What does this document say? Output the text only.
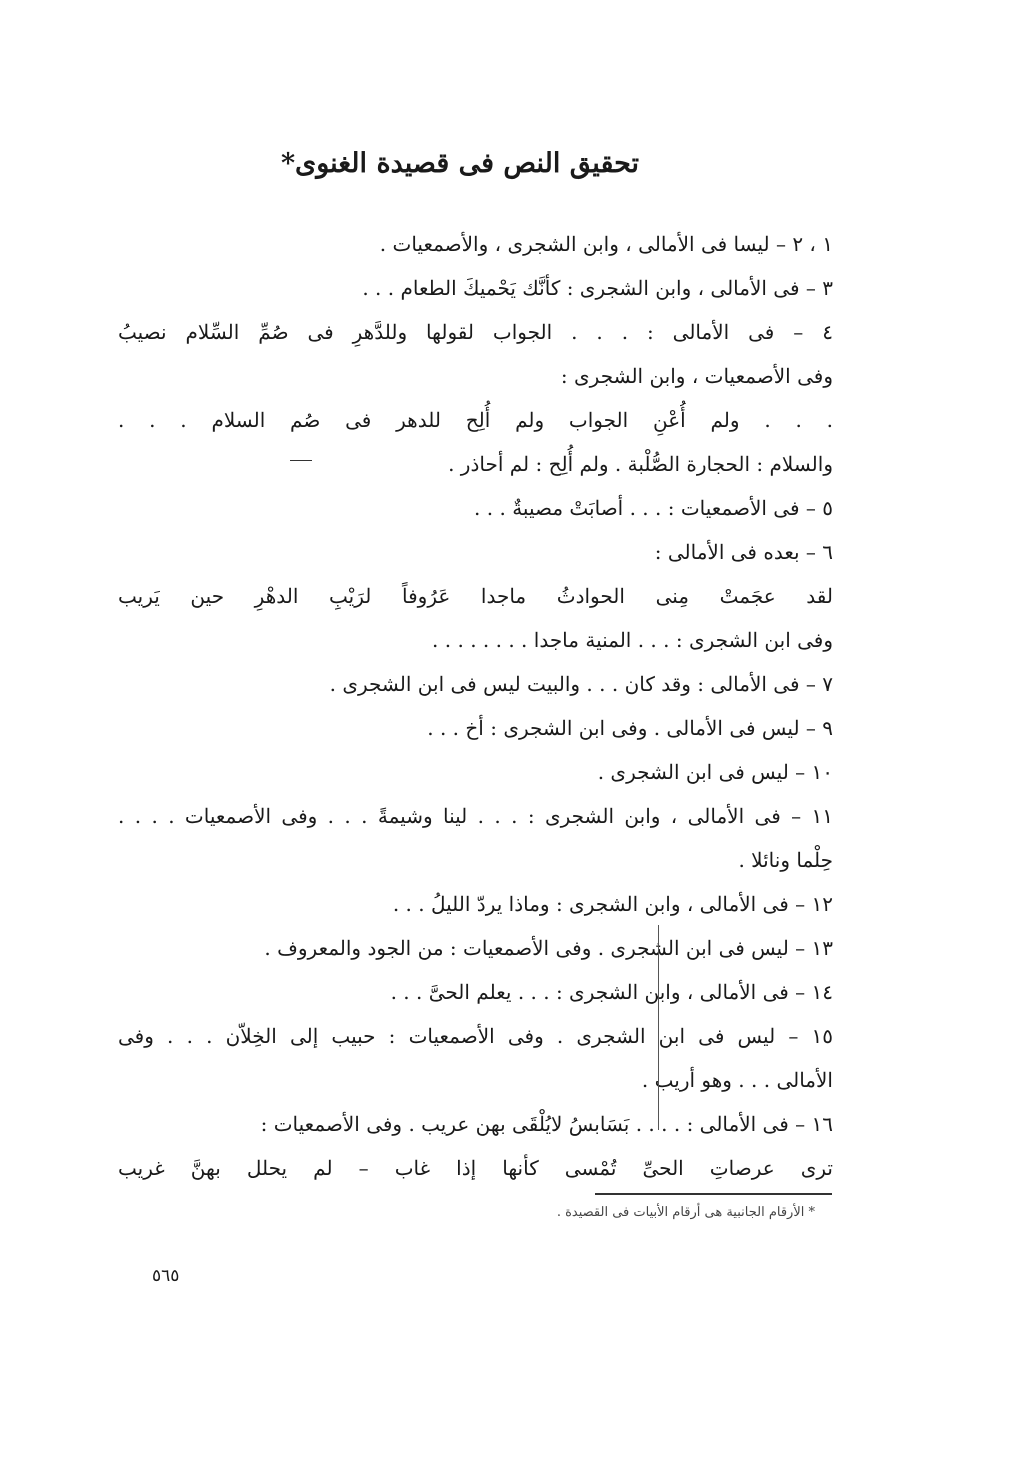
تحقيق النص فى قصيدة الغنوى*
١ ، ٢ – ليسا فى الأمالى ، وابن الشجرى ، والأصمعيات .
٣ – فى الأمالى ، وابن الشجرى : كأنَّك يَحْميكَ الطعام . . .
٤ – فى الأمالى : . . . الجواب لقولها وللدَّهرِ فى صُمِّ السِّلام نصيبُ
وفى الأصمعيات ، وابن الشجرى :
. . . ولم أُعْنِ الجواب ولم أُلِح للدهر فى صُم السلام . . .
والسلام : الحجارة الصُّلْبة . ولم أُلِح : لم أحاذر .
٥ – فى الأصمعيات : . . . أصابَتْ مصيبةٌ . . .
٦ – بعده فى الأمالى :
لقد عجَمتْ مِنى الحوادثُ ماجدا عَرُوفاً لرَيْبِ الدهْرِ حين يَريب
وفى ابن الشجرى : . . . المنية ماجدا . . . . . . . .
٧ – فى الأمالى : وقد كان . . . والبيت ليس فى ابن الشجرى .
٩ – ليس فى الأمالى . وفى ابن الشجرى : أخ . . .
١٠ – ليس فى ابن الشجرى .
١١ – فى الأمالى ، وابن الشجرى : . . . لينا وشيمةً . . . وفى الأصمعيات . . . .
حِلْما ونائلا .
١٢ – فى الأمالى ، وابن الشجرى : وماذا يردّ الليلُ . . .
١٣ – ليس فى ابن الشجرى . وفى الأصمعيات : من الجود والمعروف .
١٤ – فى الأمالى ، وابن الشجرى : . . . يعلم الحىَّ . . .
١٥ – ليس فى ابن الشجرى . وفى الأصمعيات : حبيب إلى الخِلاّن . . . وفى
الأمالى . . . وهو أريب .
١٦ – فى الأمالى : . . . . بَسَابسُ لايُلْقَى بهن عريب . وفى الأصمعيات :
ترى عرصاتِ الحىِّ تُمْسى كأنها إذا غاب – لم يحلل بهنَّ غريب
* الأرقام الجانبية هى أرقام الأبيات فى القصيدة .
٥٦٥
